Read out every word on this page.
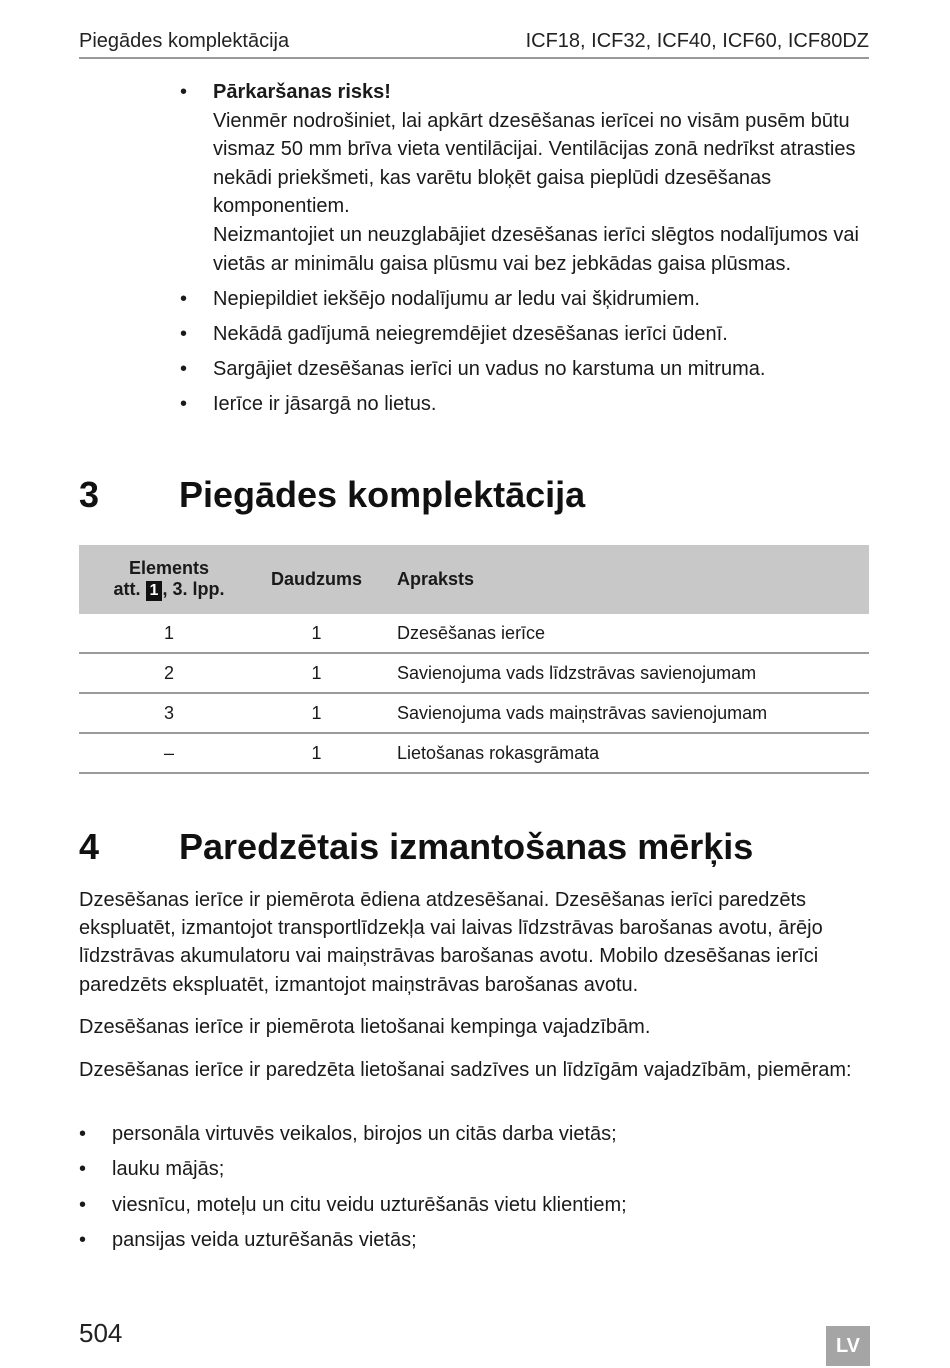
Piegādes komplektācija	ICF18, ICF32, ICF40, ICF60, ICF80DZ
• Pārkaršanas risks!
Vienmēr nodrošiniet, lai apkārt dzesēšanas ierīcei no visām pusēm būtu vismaz 50 mm brīva vieta ventilācijai. Ventilācijas zonā nedrīkst atrasties nekādi priekšmeti, kas varētu bloķēt gaisa pieplūdi dzesēšanas komponentiem.
Neizmantojiet un neuzglabājiet dzesēšanas ierīci slēgtos nodalījumos vai vietās ar minimālu gaisa plūsmu vai bez jebkādas gaisa plūsmas.
• Nepiepildiet iekšējo nodalījumu ar ledu vai šķidrumiem.
• Nekādā gadījumā neiegremdējiet dzesēšanas ierīci ūdenī.
• Sargājiet dzesēšanas ierīci un vadus no karstuma un mitruma.
• Ierīce ir jāsargā no lietus.
3 Piegādes komplektācija
Elements
att. 1 , 3. lpp.	Daudzums	Apraksts
1	1	Dzesēšanas ierīce
2	1	Savienojuma vads līdzstrāvas savienojumam
3	1	Savienojuma vads maiņstrāvas savienojumam
–	1	Lietošanas rokasgrāmata
4 Paredzētais izmantošanas mērķis

Dzesēšanas ierīce ir piemērota ēdiena atdzesēšanai. Dzesēšanas ierīci paredzēts ekspluatēt, izmantojot transportlīdzekļa vai laivas līdzstrāvas barošanas avotu, ārējo līdzstrāvas akumulatoru vai maiņstrāvas barošanas avotu. Mobilo dzesēšanas ierīci paredzēts ekspluatēt, izmantojot maiņstrāvas barošanas avotu.

Dzesēšanas ierīce ir piemērota lietošanai kempinga vajadzībām.

Dzesēšanas ierīce ir paredzēta lietošanai sadzīves un līdzīgām vajadzībām, piemēram:

• personāla virtuvēs veikalos, birojos un citās darba vietās;
• lauku mājās;
• viesnīcu, moteļu un citu veidu uzturēšanās vietu klientiem;
• pansijas veida uzturēšanās vietās;
504	LV
